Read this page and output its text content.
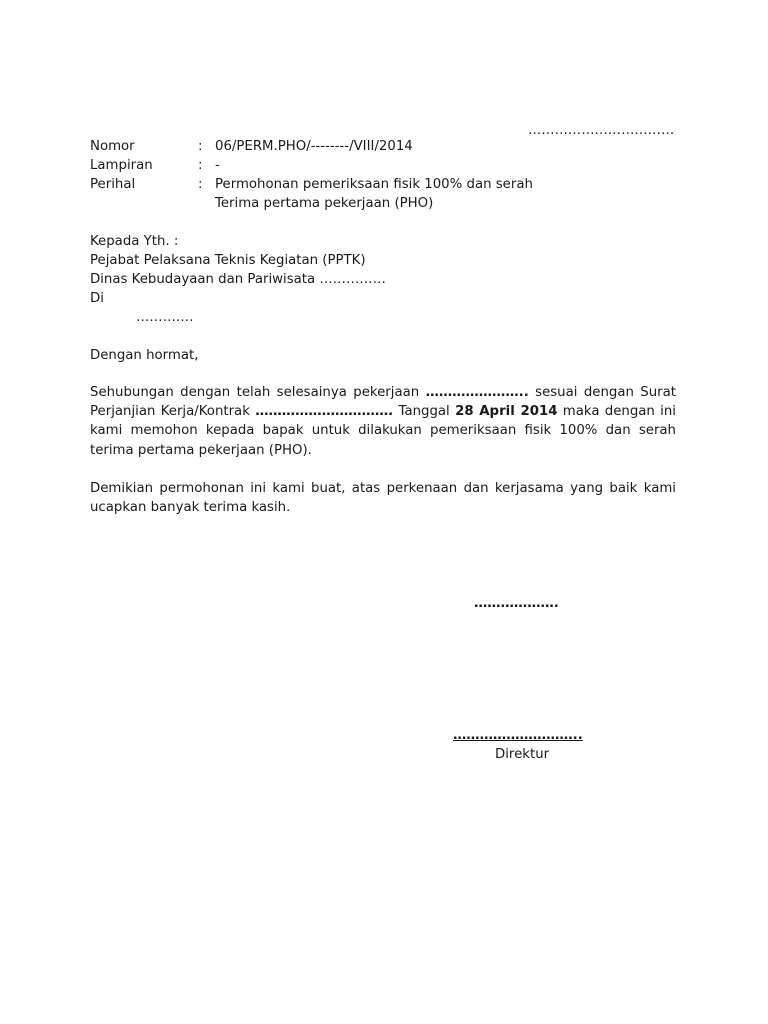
……………………………
Nomor	: 06/PERM.PHO/--------/VIII/2014
Lampiran	: -
Perihal	: Permohonan pemeriksaan fisik 100% dan serah
Terima pertama pekerjaan (PHO)
Kepada Yth. :
Pejabat Pelaksana Teknis Kegiatan (PPTK)
Dinas Kebudayaan dan Pariwisata ……………
Di
………….
Dengan hormat,
Sehubungan dengan telah selesainya pekerjaan ………………….. sesuai dengan Surat Perjanjian Kerja/Kontrak …………………………. Tanggal 28 April 2014 maka dengan ini kami memohon kepada bapak untuk dilakukan pemeriksaan fisik 100% dan serah terima pertama pekerjaan (PHO).
Demikian permohonan ini kami buat, atas perkenaan dan kerjasama yang baik kami ucapkan banyak terima kasih.
……………….
………………………..
Direktur
